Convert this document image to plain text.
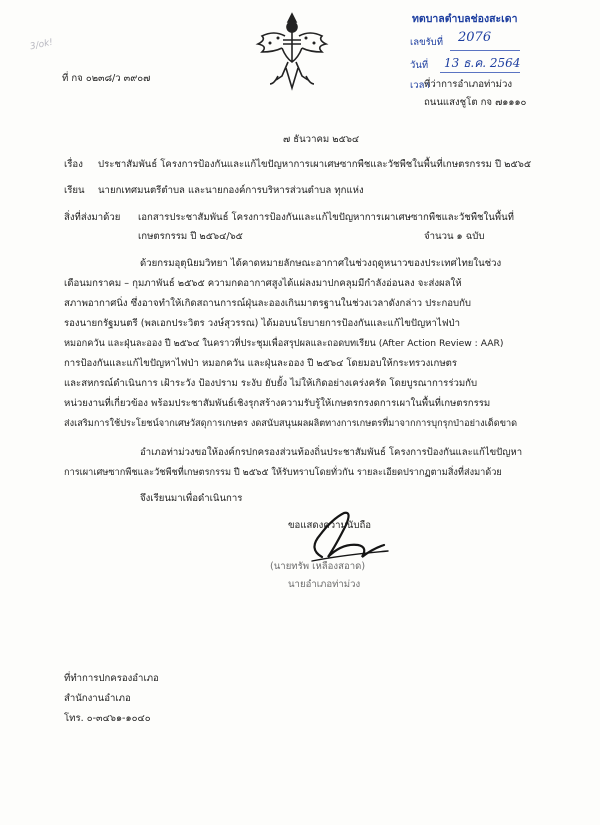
3/ok!
ทตบาลตำบลช่องสะเดา
เลขรับที่ 2076
วันที่ 13 ธ.ค. 2564
เวลา
ที่ กจ ๐๒๓๘/ว ๓๙๐๗
ที่ว่าการอำเภอท่าม่วง
ถนนแสงชูโต กจ ๗๑๑๑๐
๗ ธันวาคม ๒๕๖๔
เรื่อง ประชาสัมพันธ์ โครงการป้องกันและแก้ไขปัญหาการเผาเศษซากพืชและวัชพืชในพื้นที่เกษตรกรรม ปี ๒๕๖๕
เรียน นายกเทศมนตรีตำบล และนายกองค์การบริหารส่วนตำบล ทุกแห่ง
สิ่งที่ส่งมาด้วย เอกสารประชาสัมพันธ์ โครงการป้องกันและแก้ไขปัญหาการเผาเศษซากพืชและวัชพืชในพื้นที่
เกษตรกรรม ปี ๒๕๖๔/๖๕	จำนวน ๑ ฉบับ
ด้วยกรมอุตุนิยมวิทยา ได้คาดหมายลักษณะอากาศในช่วงฤดูหนาวของประเทศไทยในช่วง
เดือนมกราคม – กุมภาพันธ์ ๒๕๖๕ ความกดอากาศสูงได้แผ่ลงมาปกคลุมมีกำลังอ่อนลง จะส่งผลให้
สภาพอากาศนิ่ง ซึ่งอาจทำให้เกิดสถานการณ์ฝุ่นละอองเกินมาตรฐานในช่วงเวลาดังกล่าว ประกอบกับ
รองนายกรัฐมนตรี (พลเอกประวิตร วงษ์สุวรรณ) ได้มอบนโยบายการป้องกันและแก้ไขปัญหาไฟป่า
หมอกควัน และฝุ่นละออง ปี ๒๕๖๔ ในคราวที่ประชุมเพื่อสรุปผลและถอดบทเรียน (After Action Review : AAR)
การป้องกันและแก้ไขปัญหาไฟป่า หมอกควัน และฝุ่นละออง ปี ๒๕๖๔ โดยมอบให้กระทรวงเกษตร
และสหกรณ์ดำเนินการ เฝ้าระวัง ป้องปราม ระงับ ยับยั้ง ไม่ให้เกิดอย่างเคร่งครัด โดยบูรณาการร่วมกับ
หน่วยงานที่เกี่ยวข้อง พร้อมประชาสัมพันธ์เชิงรุกสร้างความรับรู้ให้เกษตรกรงดการเผาในพื้นที่เกษตรกรรม
ส่งเสริมการใช้ประโยชน์จากเศษวัสดุการเกษตร งดสนับสนุนผลผลิตทางการเกษตรที่มาจากการบุกรุกป่าอย่างเด็ดขาด
อำเภอท่าม่วงขอให้องค์กรปกครองส่วนท้องถิ่นประชาสัมพันธ์ โครงการป้องกันและแก้ไขปัญหา
การเผาเศษซากพืชและวัชพืชที่เกษตรกรรม ปี ๒๕๖๕ ให้รับทราบโดยทั่วกัน รายละเอียดปรากฏตามสิ่งที่ส่งมาด้วย
จึงเรียนมาเพื่อดำเนินการ
ขอแสดงความนับถือ
(นายทรัพ เหลืองสอาด)
นายอำเภอท่าม่วง
ที่ทำการปกครองอำเภอ
สำนักงานอำเภอ
โทร. ๐-๓๔๖๑-๑๐๔๐
